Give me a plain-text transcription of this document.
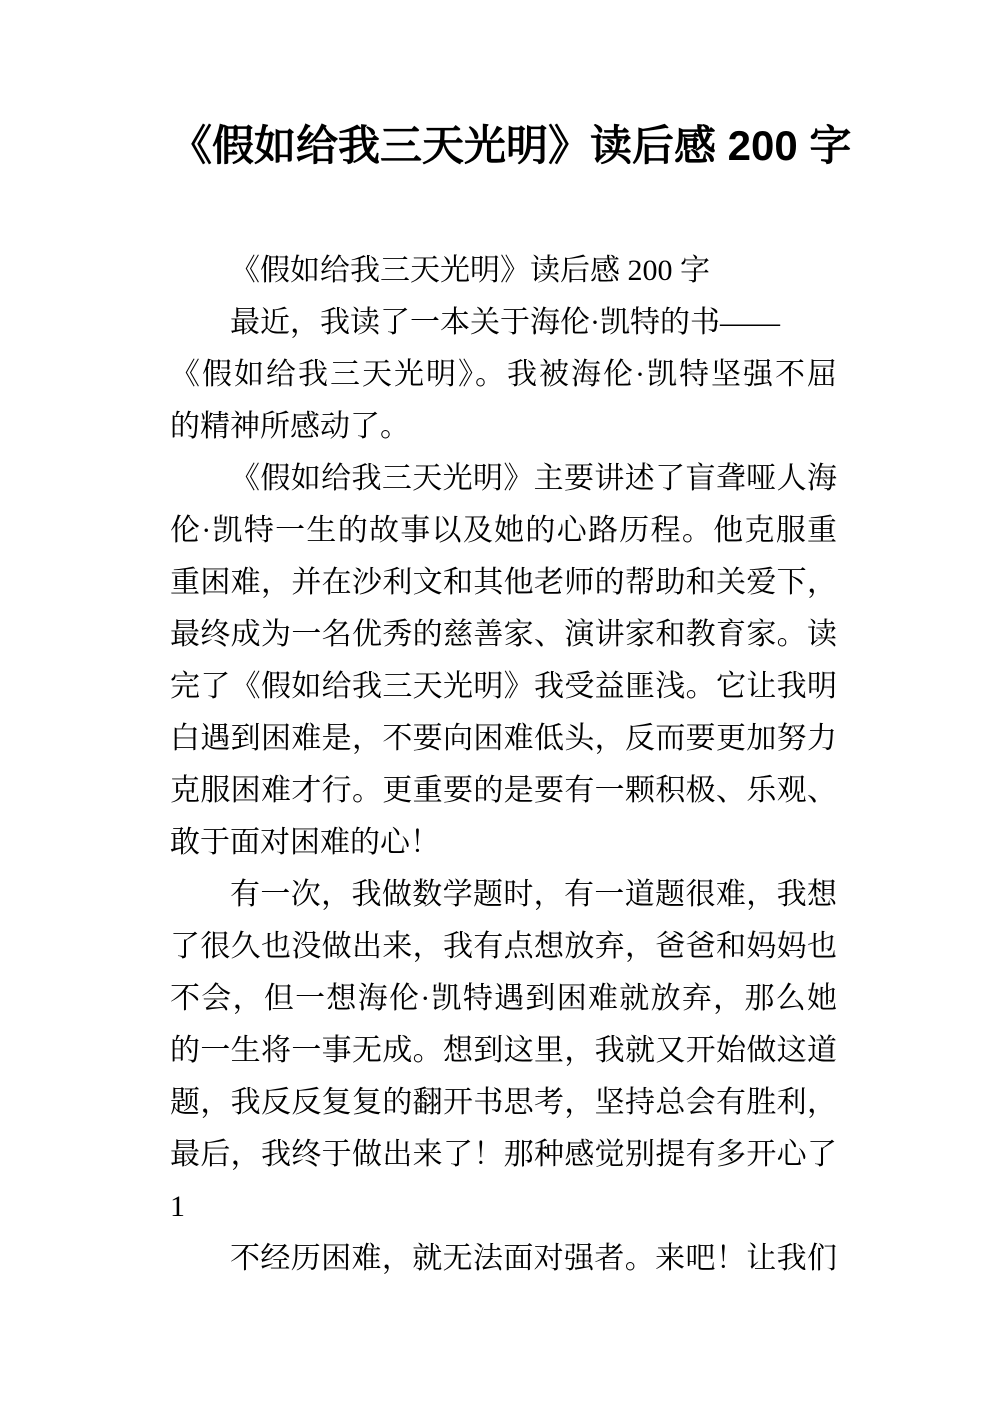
《假如给我三天光明》读后感 200 字
《假如给我三天光明》读后感 200 字
最近，我读了一本关于海伦·凯特的书——
《假如给我三天光明》。我被海伦·凯特坚强不屈
的精神所感动了。
《假如给我三天光明》主要讲述了盲聋哑人海
伦·凯特一生的故事以及她的心路历程。他克服重
重困难，并在沙利文和其他老师的帮助和关爱下，
最终成为一名优秀的慈善家、演讲家和教育家。读
完了《假如给我三天光明》我受益匪浅。它让我明
白遇到困难是，不要向困难低头，反而要更加努力
克服困难才行。更重要的是要有一颗积极、乐观、
敢于面对困难的心！
有一次，我做数学题时，有一道题很难，我想
了很久也没做出来，我有点想放弃，爸爸和妈妈也
不会，但一想海伦·凯特遇到困难就放弃，那么她
的一生将一事无成。想到这里，我就又开始做这道
题，我反反复复的翻开书思考，坚持总会有胜利，
最后，我终于做出来了！那种感觉别提有多开心了
1
不经历困难，就无法面对强者。来吧！让我们
